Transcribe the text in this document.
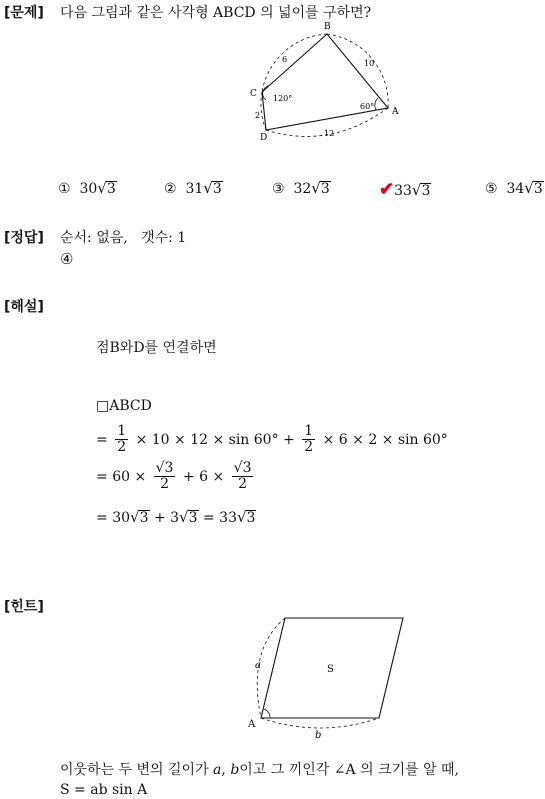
[문제] 다음 그림과 같은 사각형 ABCD 의 넓이를 구하면?
B
C
D
A
6	10
2
12
120°
60°
① 30√3	② 31√3	③ 32√3	✔33√3	⑤ 34√3
[정답] 순서: 없음,   갯수: 1
④
[해설]
점B와D를 연결하면
□ABCD
= $\frac{1}{2} \times 10 \times 12 \times \sin 60^\circ + \frac{1}{2} \times 6 \times 2 \times \sin 60^\circ$
= $60 \times \frac{√3}{2} + 6 \times \frac{√3}{2}$
= 30√3 + 3√3 = 33√3
[힌트]
S
A
a
b
이웃하는 두 변의 길이가 a, b이고 그 끼인각 ∠A 의 크기를 알 때,
S = ab sin A
